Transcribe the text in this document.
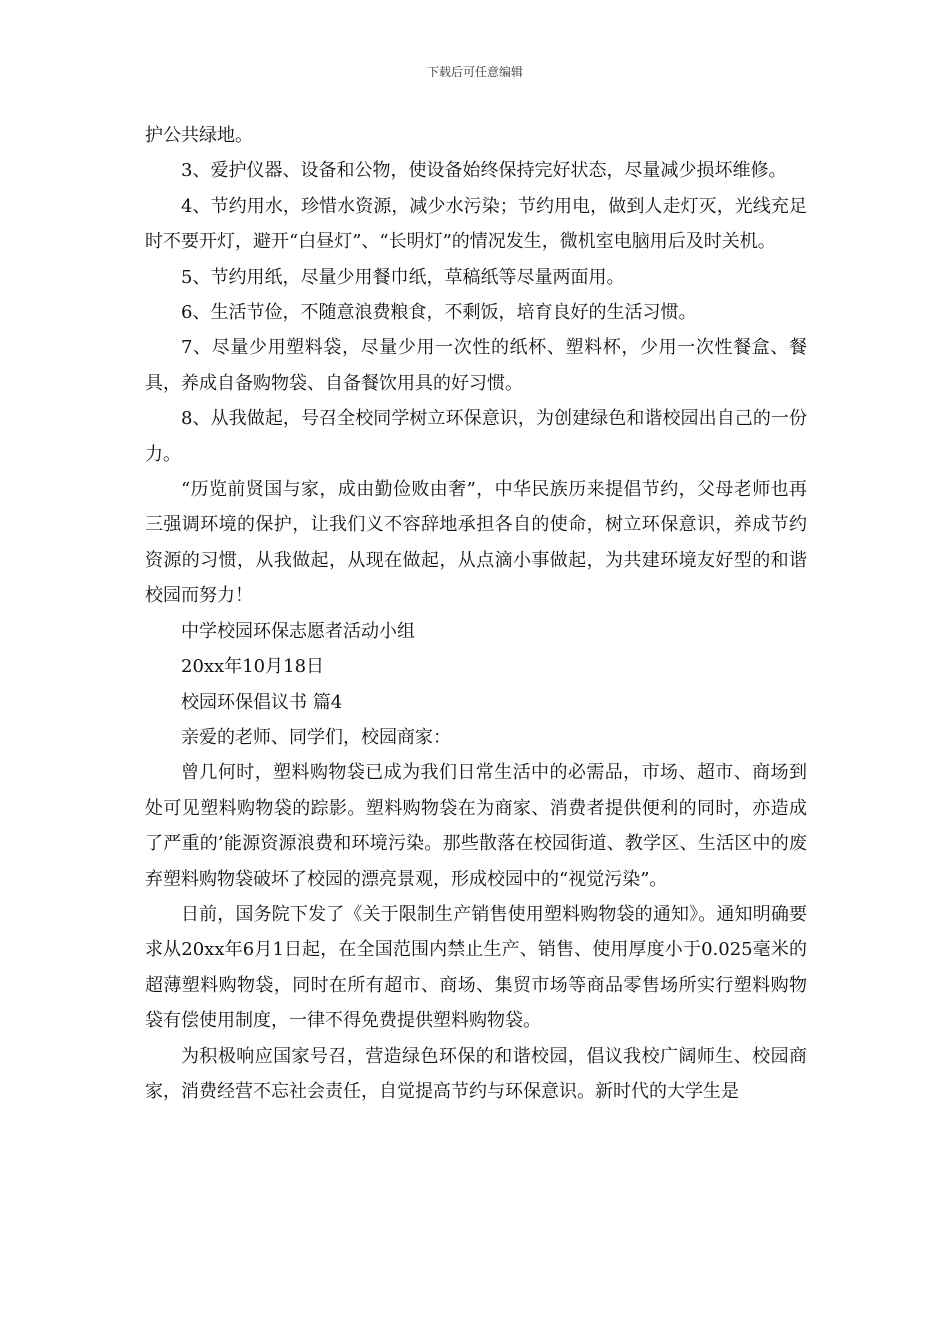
下载后可任意编辑

护公共绿地。

3、爱护仪器、设备和公物，使设备始终保持完好状态，尽量减少损坏维修。

4、节约用水，珍惜水资源，减少水污染；节约用电，做到人走灯灭，光线充足时不要开灯，避开“白昼灯”、“长明灯”的情况发生，微机室电脑用后及时关机。

5、节约用纸，尽量少用餐巾纸，草稿纸等尽量两面用。

6、生活节俭，不随意浪费粮食，不剩饭，培育良好的生活习惯。

7、尽量少用塑料袋，尽量少用一次性的纸杯、塑料杯，少用一次性餐盒、餐具，养成自备购物袋、自备餐饮用具的好习惯。

8、从我做起，号召全校同学树立环保意识，为创建绿色和谐校园出自己的一份力。

“历览前贤国与家，成由勤俭败由奢”，中华民族历来提倡节约，父母老师也再三强调环境的保护，让我们义不容辞地承担各自的使命，树立环保意识，养成节约资源的习惯，从我做起，从现在做起，从点滴小事做起，为共建环境友好型的和谐校园而努力！

中学校园环保志愿者活动小组

20xx年10月18日

校园环保倡议书 篇4

亲爱的老师、同学们，校园商家：

曾几何时，塑料购物袋已成为我们日常生活中的必需品，市场、超市、商场到处可见塑料购物袋的踪影。塑料购物袋在为商家、消费者提供便利的同时，亦造成了严重的’能源资源浪费和环境污染。那些散落在校园街道、教学区、生活区中的废弃塑料购物袋破坏了校园的漂亮景观，形成校园中的“视觉污染”。

日前，国务院下发了《关于限制生产销售使用塑料购物袋的通知》。通知明确要求从20xx年6月1日起，在全国范围内禁止生产、销售、使用厚度小于0.025毫米的超薄塑料购物袋，同时在所有超市、商场、集贸市场等商品零售场所实行塑料购物袋有偿使用制度，一律不得免费提供塑料购物袋。

为积极响应国家号召，营造绿色环保的和谐校园，倡议我校广阔师生、校园商家，消费经营不忘社会责任，自觉提高节约与环保意识。新时代的大学生是
